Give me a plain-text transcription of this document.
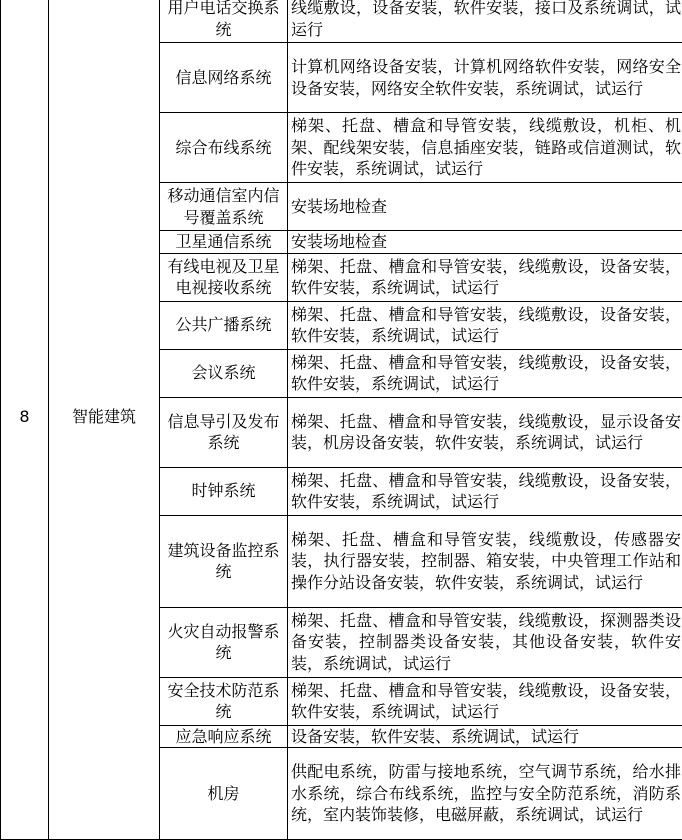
8	智能建筑	用户电话交换系统	线缆敷设，设备安装，软件安装，接口及系统调试，试运行
		信息网络系统	计算机网络设备安装，计算机网络软件安装，网络安全设备安装，网络安全软件安装，系统调试，试运行
		综合布线系统	梯架、托盘、槽盒和导管安装，线缆敷设，机柜、机架、配线架安装，信息插座安装，链路或信道测试，软件安装，系统调试，试运行
		移动通信室内信号覆盖系统	安装场地检查
		卫星通信系统	安装场地检查
		有线电视及卫星电视接收系统	梯架、托盘、槽盒和导管安装，线缆敷设，设备安装，软件安装，系统调试，试运行
		公共广播系统	梯架、托盘、槽盒和导管安装，线缆敷设，设备安装，软件安装，系统调试，试运行
		会议系统	梯架、托盘、槽盒和导管安装，线缆敷设，设备安装，软件安装，系统调试，试运行
		信息导引及发布系统	梯架、托盘、槽盒和导管安装，线缆敷设，显示设备安装，机房设备安装，软件安装，系统调试，试运行
		时钟系统	梯架、托盘、槽盒和导管安装，线缆敷设，设备安装，软件安装，系统调试，试运行
		建筑设备监控系统	梯架、托盘、槽盒和导管安装，线缆敷设，传感器安装，执行器安装，控制器、箱安装，中央管理工作站和操作分站设备安装，软件安装，系统调试，试运行
		火灾自动报警系统	梯架、托盘、槽盒和导管安装，线缆敷设，探测器类设备安装，控制器类设备安装，其他设备安装，软件安装，系统调试，试运行
		安全技术防范系统	梯架、托盘、槽盒和导管安装，线缆敷设，设备安装，软件安装，系统调试，试运行
		应急响应系统	设备安装，软件安装、系统调试，试运行
		机房	供配电系统，防雷与接地系统，空气调节系统，给水排水系统，综合布线系统，监控与安全防范系统，消防系统，室内装饰装修，电磁屏蔽，系统调试，试运行
